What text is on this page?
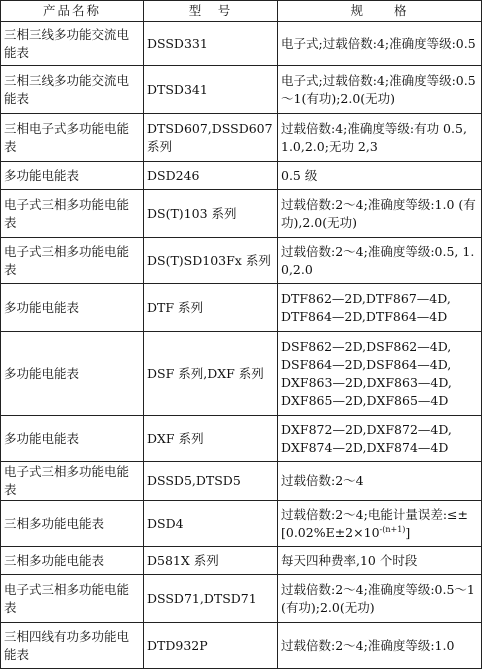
产品名称	型　号	规　　格
三相三线多功能交流电能表	DSSD331	电子式;过载倍数:4;准确度等级:0.5
三相三线多功能交流电能表	DTSD341	电子式;过载倍数:4;准确度等级:0.5～1(有功);2.0(无功)
三相电子式多功能电能表	DTSD607,DSSD607 系列	过载倍数:4;准确度等级:有功 0.5, 1.0,2.0;无功 2,3
多功能电能表	DSD246	0.5 级
电子式三相多功能电能表	DS(T)103 系列	过载倍数:2～4;准确度等级:1.0 (有功),2.0(无功)
电子式三相多功能电能表	DS(T)SD103Fx 系列	过载倍数:2～4;准确度等级:0.5, 1.0,2.0
多功能电能表	DTF 系列	DTF862—2D,DTF867—4D,
DTF864—2D,DTF864—4D
多功能电能表	DSF 系列,DXF 系列	DSF862—2D,DSF862—4D,
DSF864—2D,DSF864—4D,
DXF863—2D,DXF863—4D,
DXF865—2D,DXF865—4D
多功能电能表	DXF 系列	DXF872—2D,DXF872—4D,
DXF874—2D,DXF874—4D
电子式三相多功能电能表	DSSD5,DTSD5	过载倍数:2～4
三相多功能电能表	DSD4	过载倍数:2～4;电能计量误差:≤±
$[0.02\%E\pm 2\times 10^{-(n+1)}]$
三相多功能电能表	D581X 系列	每天四种费率,10 个时段
电子式三相多功能电能表	DSSD71,DTSD71	过载倍数:2～4;准确度等级:0.5～1 (有功);2.0(无功)
三相四线有功多功能电能表	DTD932P	过载倍数:2～4;准确度等级:1.0
